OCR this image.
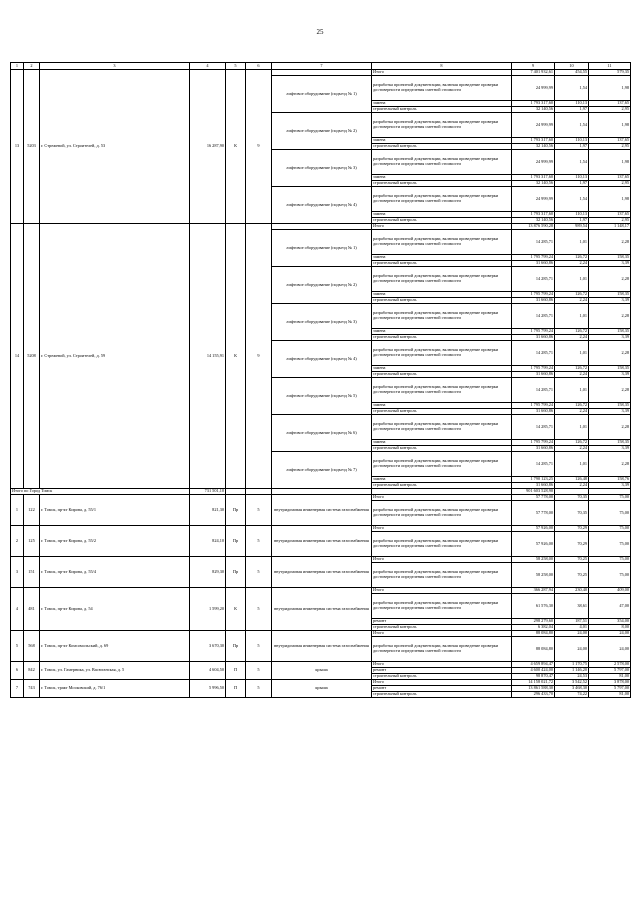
25
1	2	3	4	5	6	7	8	9	10	11
13	5203	г. Стрежевой, ул. Строителей, д. 53	16 287,90	К	9		Итого	7 401 932,61	454,55	579,35
						лифтовое оборудование (подъезд № 1)	разработка проектной документации, включая проведение проверки достоверности определения сметной стоимости	24 999,99	1,54	1,98
							замена	1 793 317,60	110,13	137,65
							строительный контроль	32 140,56	1,97	2,95
						лифтовое оборудование (подъезд № 2)	разработка проектной документации, включая проведение проверки достоверности определения сметной стоимости	24 999,99	1,54	1,98
							замена	1 793 317,60	110,13	137,65
							строительный контроль	32 140,56	1,97	2,95
						лифтовое оборудование (подъезд № 3)	разработка проектной документации, включая проведение проверки достоверности определения сметной стоимости	24 999,99	1,54	1,98
							замена	1 793 317,60	110,13	137,65
							строительный контроль	32 140,56	1,97	2,95
						лифтовое оборудование (подъезд № 4)	разработка проектной документации, включая проведение проверки достоверности определения сметной стоимости	24 999,99	1,54	1,98
							замена	1 793 317,60	110,13	137,65
							строительный контроль	32 140,56	1,97	2,95
14	5208	г. Стрежевой, ул. Строителей, д. 59	14 155,91	К	9		Итого	13 876 590,28	989,54	1 148,17
						лифтовое оборудование (подъезд № 1)	разработка проектной документации, включая проведение проверки достоверности определения сметной стоимости	14 285,71	1,01	2,28
							замена	1 795 799,24	126,72	158,35
							строительный контроль	31 660,86	2,24	3,39
						лифтовое оборудование (подъезд № 2)	разработка проектной документации, включая проведение проверки достоверности определения сметной стоимости	14 285,71	1,01	2,28
							замена	1 795 799,24	126,72	158,35
							строительный контроль	31 660,86	2,24	3,39
						лифтовое оборудование (подъезд № 3)	разработка проектной документации, включая проведение проверки достоверности определения сметной стоимости	14 285,71	1,01	2,28
							замена	1 795 799,24	126,72	158,35
							строительный контроль	31 660,86	2,24	3,39
						лифтовое оборудование (подъезд № 4)	разработка проектной документации, включая проведение проверки достоверности определения сметной стоимости	14 285,71	1,01	2,28
							замена	1 795 799,24	126,72	158,35
							строительный контроль	31 660,86	2,24	3,39
						лифтовое оборудование (подъезд № 5)	разработка проектной документации, включая проведение проверки достоверности определения сметной стоимости	14 285,71	1,01	2,28
							замена	1 795 799,24	126,72	158,35
							строительный контроль	31 660,86	2,24	3,39
						лифтовое оборудование (подъезд № 6)	разработка проектной документации, включая проведение проверки достоверности определения сметной стоимости	14 285,71	1,01	2,28
							замена	1 795 799,24	126,72	158,35
							строительный контроль	31 660,86	2,24	3,39
						лифтовое оборудование (подъезд № 7)	разработка проектной документации, включая проведение проверки достоверности определения сметной стоимости	14 285,71	1,01	2,28
							замена	1 790 123,25	126,48	158,76
							строительный контроль	31 660,86	2,24	3,39
Итого по Город Томск			731 501,10					901 603 528,90		
1	122	г. Томск, пр-кт Кирова, д. 55/1	821,30	Пр	5	внутридомовая инженерная система газоснабжения	Итого	57 778,00	70,35	75,00
							разработка проектной документации, включая проведение проверки достоверности определения сметной стоимости	57 778,00	70,35	75,00
2	125	г. Томск, пр-кт Кирова, д. 55/2	824,10	Пр	5	внутридомовая инженерная система газоснабжения	Итого	57 926,00	70,29	75,00
							разработка проектной документации, включая проведение проверки достоверности определения сметной стоимости	57 926,00	70,29	75,00
3	151	г. Томск, пр-кт Кирова, д. 55/4	829,30	Пр	5	внутридомовая инженерная система газоснабжения	Итого	58 258,00	70,25	75,00
							разработка проектной документации, включая проведение проверки достоверности определения сметной стоимости	58 258,00	70,25	75,00
4	481	г. Томск, пр-кт Кирова, д. 54	1 599,20	К	5	внутридомовая инженерная система газоснабжения	Итого	366 287,94	230,40	409,00
							разработка проектной документации, включая проведение проверки достоверности определения сметной стоимости	61 576,30	38,61	47,00
							ремонт	298 279,60	187,51	354,00
							строительный контроль	6 382,04	4,01	8,00
5	568	г. Томск, пр-кт Комсомольский, д. 69	3 670,30	Пр	5	внутридомовая инженерная система газоснабжения	Итого	88 084,80	24,00	24,00
							разработка проектной документации, включая проведение проверки достоверности определения сметной стоимости	88 084,80	24,00	24,00
6	842	г. Томск, ул. Гамерника, ул. Васюганская, д. 5	4 604,50	П	5	крыша	Итого	4 659 894,47	1 170,75	2 578,00
							ремонт	4 600 424,00	1 146,20	5 797,00
							строительный контроль	98 870,47	24,53	81,00
7	743	г. Томск, тракт Московский, д. 76/1	5 996,50	П	5	крыша	Итого	14 158 021,72	3 542,52	3 878,00
							ремонт	13 861 588,30	3 468,30	5 797,00
							строительный контроль	296 433,70	74,22	81,00
